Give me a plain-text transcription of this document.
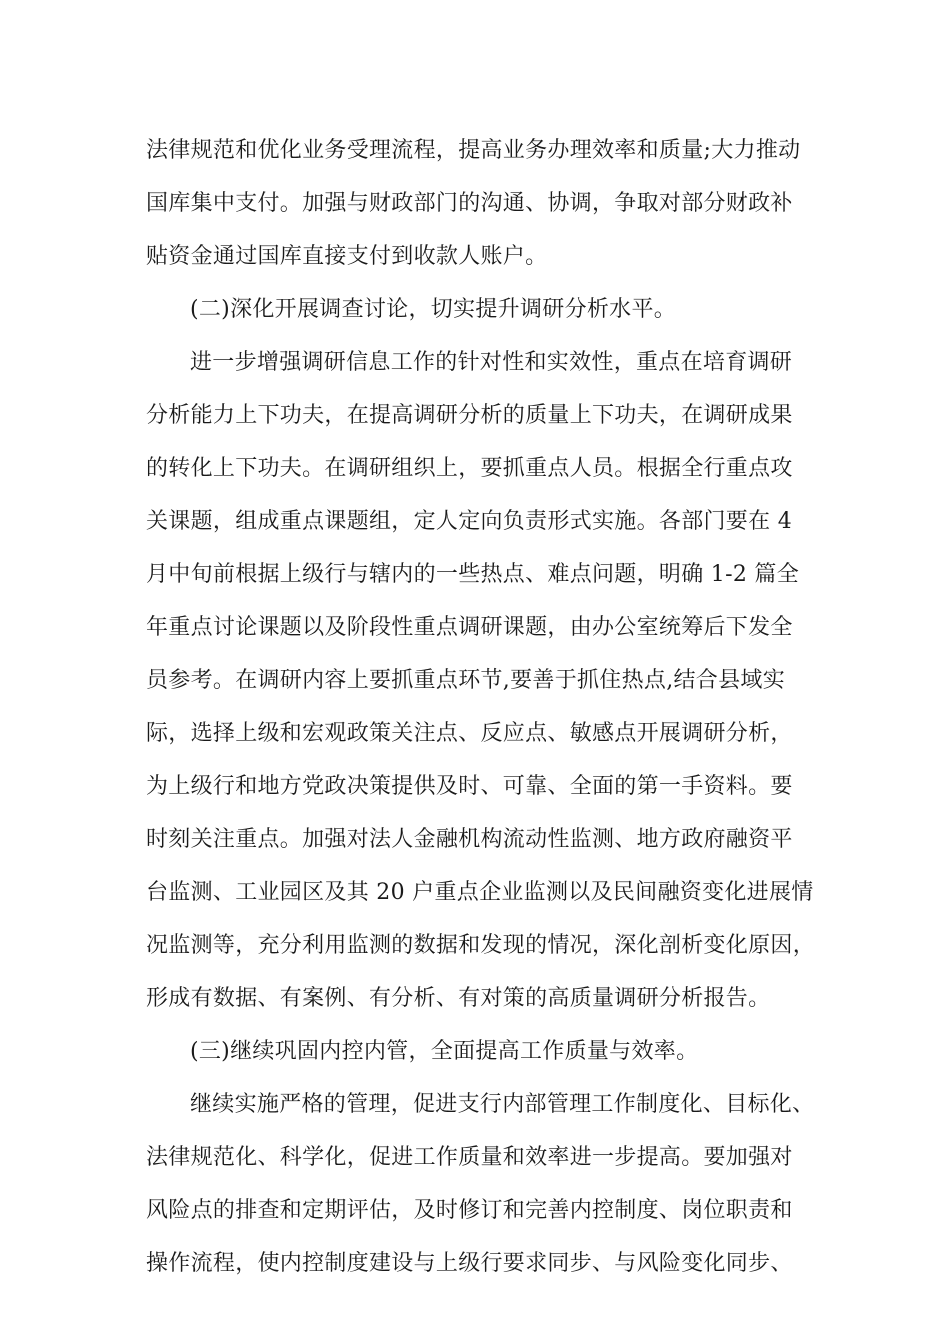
法律规范和优化业务受理流程，提高业务办理效率和质量;大力推动
国库集中支付。加强与财政部门的沟通、协调，争取对部分财政补
贴资金通过国库直接支付到收款人账户。
(二)深化开展调查讨论，切实提升调研分析水平。
进一步增强调研信息工作的针对性和实效性，重点在培育调研
分析能力上下功夫，在提高调研分析的质量上下功夫，在调研成果
的转化上下功夫。在调研组织上，要抓重点人员。根据全行重点攻
关课题，组成重点课题组，定人定向负责形式实施。各部门要在 4
月中旬前根据上级行与辖内的一些热点、难点问题，明确 1-2 篇全
年重点讨论课题以及阶段性重点调研课题，由办公室统筹后下发全
员参考。在调研内容上要抓重点环节,要善于抓住热点,结合县域实
际，选择上级和宏观政策关注点、反应点、敏感点开展调研分析，
为上级行和地方党政决策提供及时、可靠、全面的第一手资料。要
时刻关注重点。加强对法人金融机构流动性监测、地方政府融资平
台监测、工业园区及其 20 户重点企业监测以及民间融资变化进展情
况监测等，充分利用监测的数据和发现的情况，深化剖析变化原因，
形成有数据、有案例、有分析、有对策的高质量调研分析报告。
(三)继续巩固内控内管，全面提高工作质量与效率。
继续实施严格的管理，促进支行内部管理工作制度化、目标化、
法律规范化、科学化，促进工作质量和效率进一步提高。要加强对
风险点的排查和定期评估，及时修订和完善内控制度、岗位职责和
操作流程，使内控制度建设与上级行要求同步、与风险变化同步、
